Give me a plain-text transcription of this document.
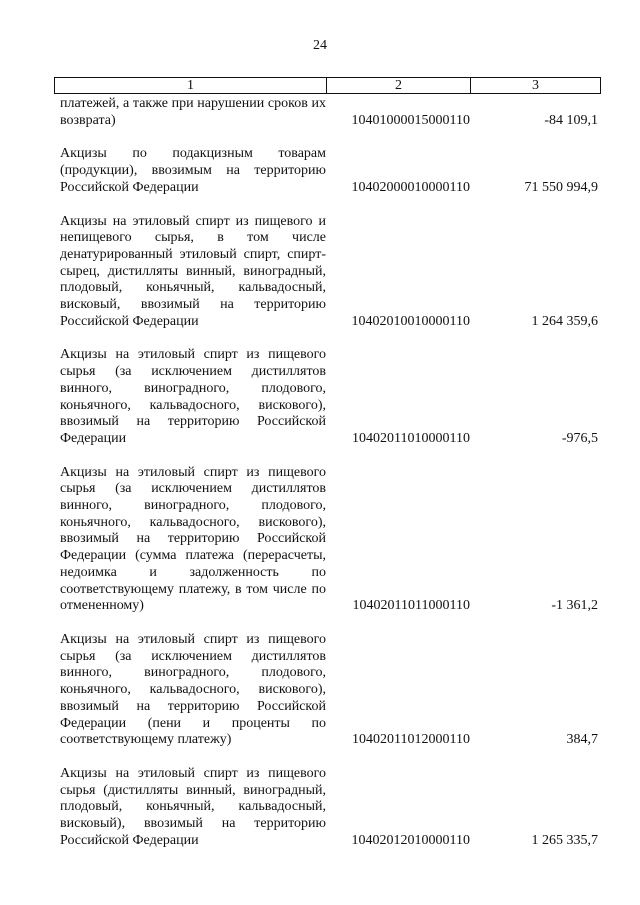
24
1	2	3
платежей, а также при нарушении сроков их возврата)	10401000015000110	-84 109,1
Акцизы по подакцизным товарам (продукции), ввозимым на территорию Российской Федерации	10402000010000110	71 550 994,9
Акцизы на этиловый спирт из пищевого и непищевого сырья, в том числе денатурированный этиловый спирт, спирт-сырец, дистилляты винный, виноградный, плодовый, коньячный, кальвадосный, висковый, ввозимый на территорию Российской Федерации	10402010010000110	1 264 359,6
Акцизы на этиловый спирт из пищевого сырья (за исключением дистиллятов винного, виноградного, плодового, коньячного, кальвадосного, вискового), ввозимый на территорию Российской Федерации	10402011010000110	-976,5
Акцизы на этиловый спирт из пищевого сырья (за исключением дистиллятов винного, виноградного, плодового, коньячного, кальвадосного, вискового), ввозимый на территорию Российской Федерации (сумма платежа (перерасчеты, недоимка и задолженность по соответствующему платежу, в том числе по отмененному)	10402011011000110	-1 361,2
Акцизы на этиловый спирт из пищевого сырья (за исключением дистиллятов винного, виноградного, плодового, коньячного, кальвадосного, вискового), ввозимый на территорию Российской Федерации (пени и проценты по соответствующему платежу)	10402011012000110	384,7
Акцизы на этиловый спирт из пищевого сырья (дистилляты винный, виноградный, плодовый, коньячный, кальвадосный, висковый), ввозимый на территорию Российской Федерации	10402012010000110	1 265 335,7
